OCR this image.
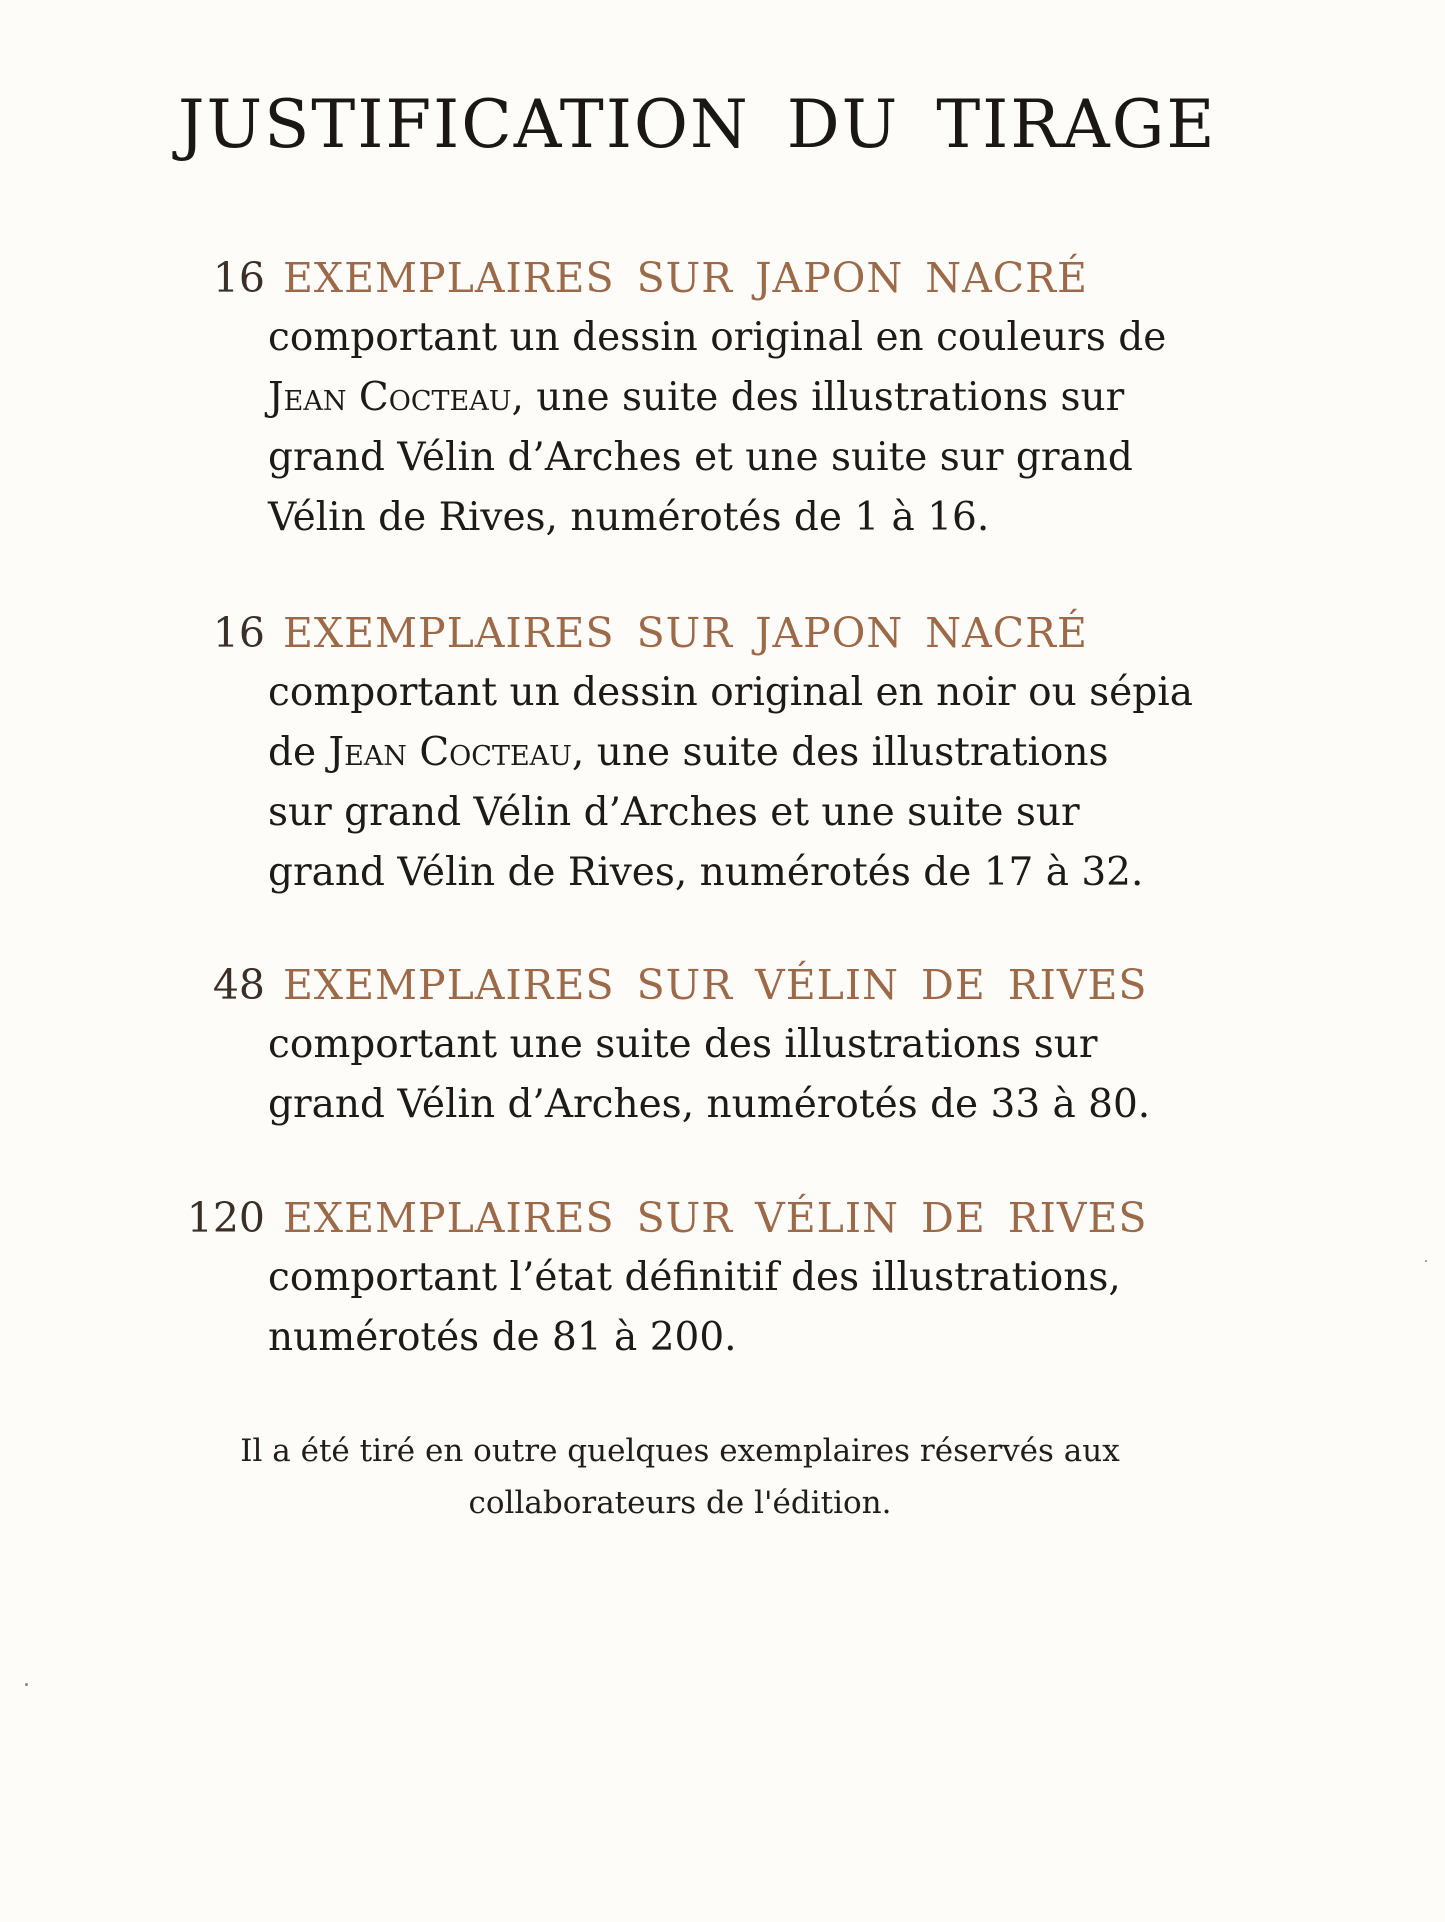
JUSTIFICATION DU TIRAGE
16 EXEMPLAIRES SUR JAPON NACRÉ
comportant un dessin original en couleurs de
Jean Cocteau, une suite des illustrations sur
grand Vélin d’Arches et une suite sur grand
Vélin de Rives, numérotés de 1 à 16.
16 EXEMPLAIRES SUR JAPON NACRÉ
comportant un dessin original en noir ou sépia
de Jean Cocteau, une suite des illustrations
sur grand Vélin d’Arches et une suite sur
grand Vélin de Rives, numérotés de 17 à 32.
48 EXEMPLAIRES SUR VÉLIN DE RIVES
comportant une suite des illustrations sur
grand Vélin d’Arches, numérotés de 33 à 80.
120 EXEMPLAIRES SUR VÉLIN DE RIVES
comportant l’état définitif des illustrations,
numérotés de 81 à 200.
Il a été tiré en outre quelques exemplaires réservés aux
collaborateurs de l'édition.
